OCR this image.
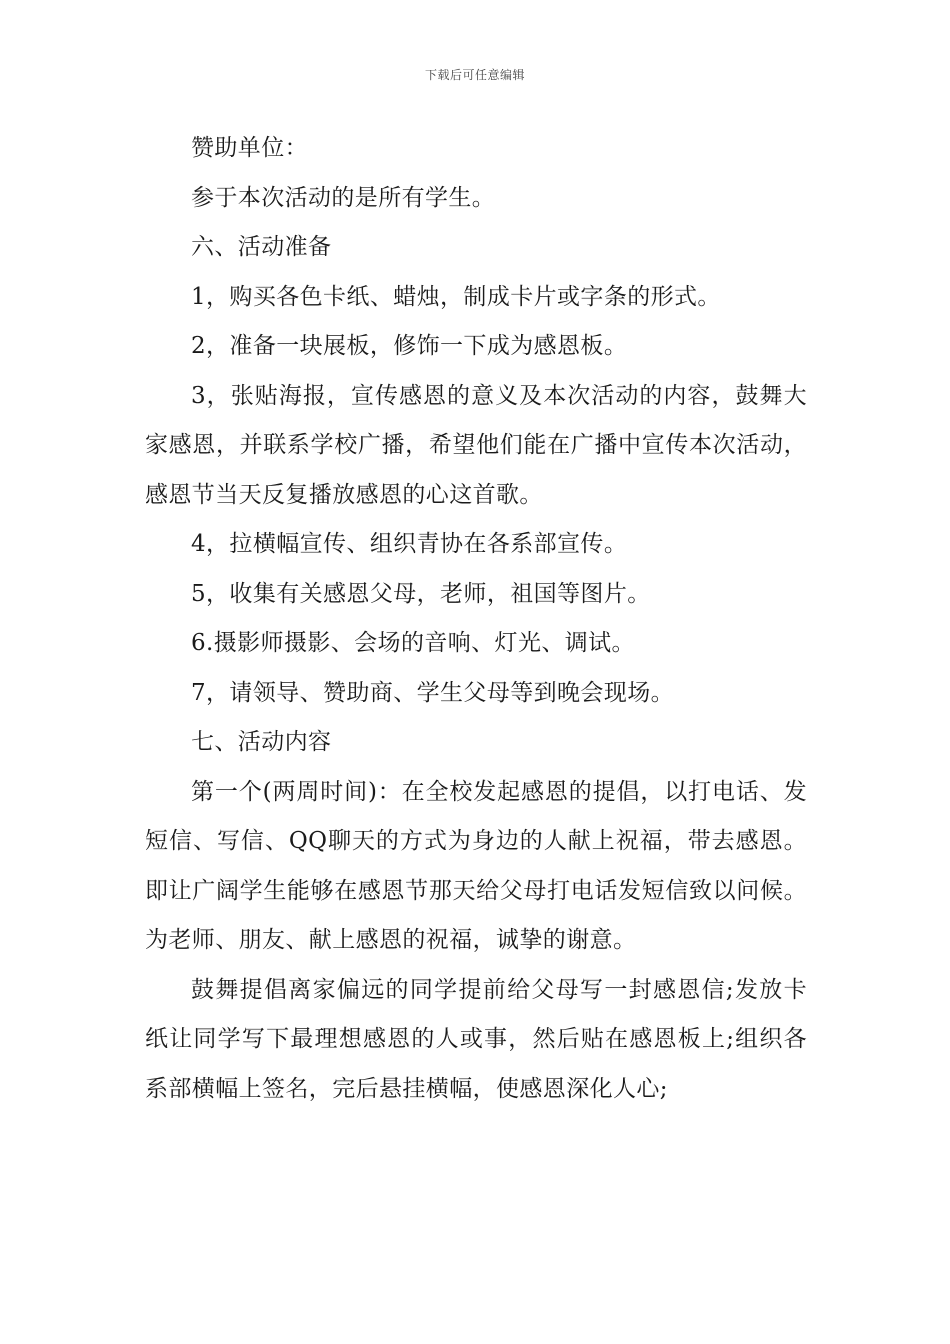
下载后可任意编辑

赞助单位：

参于本次活动的是所有学生。

六、活动准备

1，购买各色卡纸、蜡烛，制成卡片或字条的形式。

2，准备一块展板，修饰一下成为感恩板。

3，张贴海报，宣传感恩的意义及本次活动的内容，鼓舞大家感恩，并联系学校广播，希望他们能在广播中宣传本次活动，感恩节当天反复播放感恩的心这首歌。

4，拉横幅宣传、组织青协在各系部宣传。

5，收集有关感恩父母，老师，祖国等图片。

6.摄影师摄影、会场的音响、灯光、调试。

7，请领导、赞助商、学生父母等到晚会现场。

七、活动内容

第一个(两周时间)：在全校发起感恩的提倡，以打电话、发短信、写信、QQ聊天的方式为身边的人献上祝福，带去感恩。即让广阔学生能够在感恩节那天给父母打电话发短信致以问候。为老师、朋友、献上感恩的祝福，诚挚的谢意。

鼓舞提倡离家偏远的同学提前给父母写一封感恩信;发放卡纸让同学写下最理想感恩的人或事，然后贴在感恩板上;组织各系部横幅上签名，完后悬挂横幅，使感恩深化人心;
